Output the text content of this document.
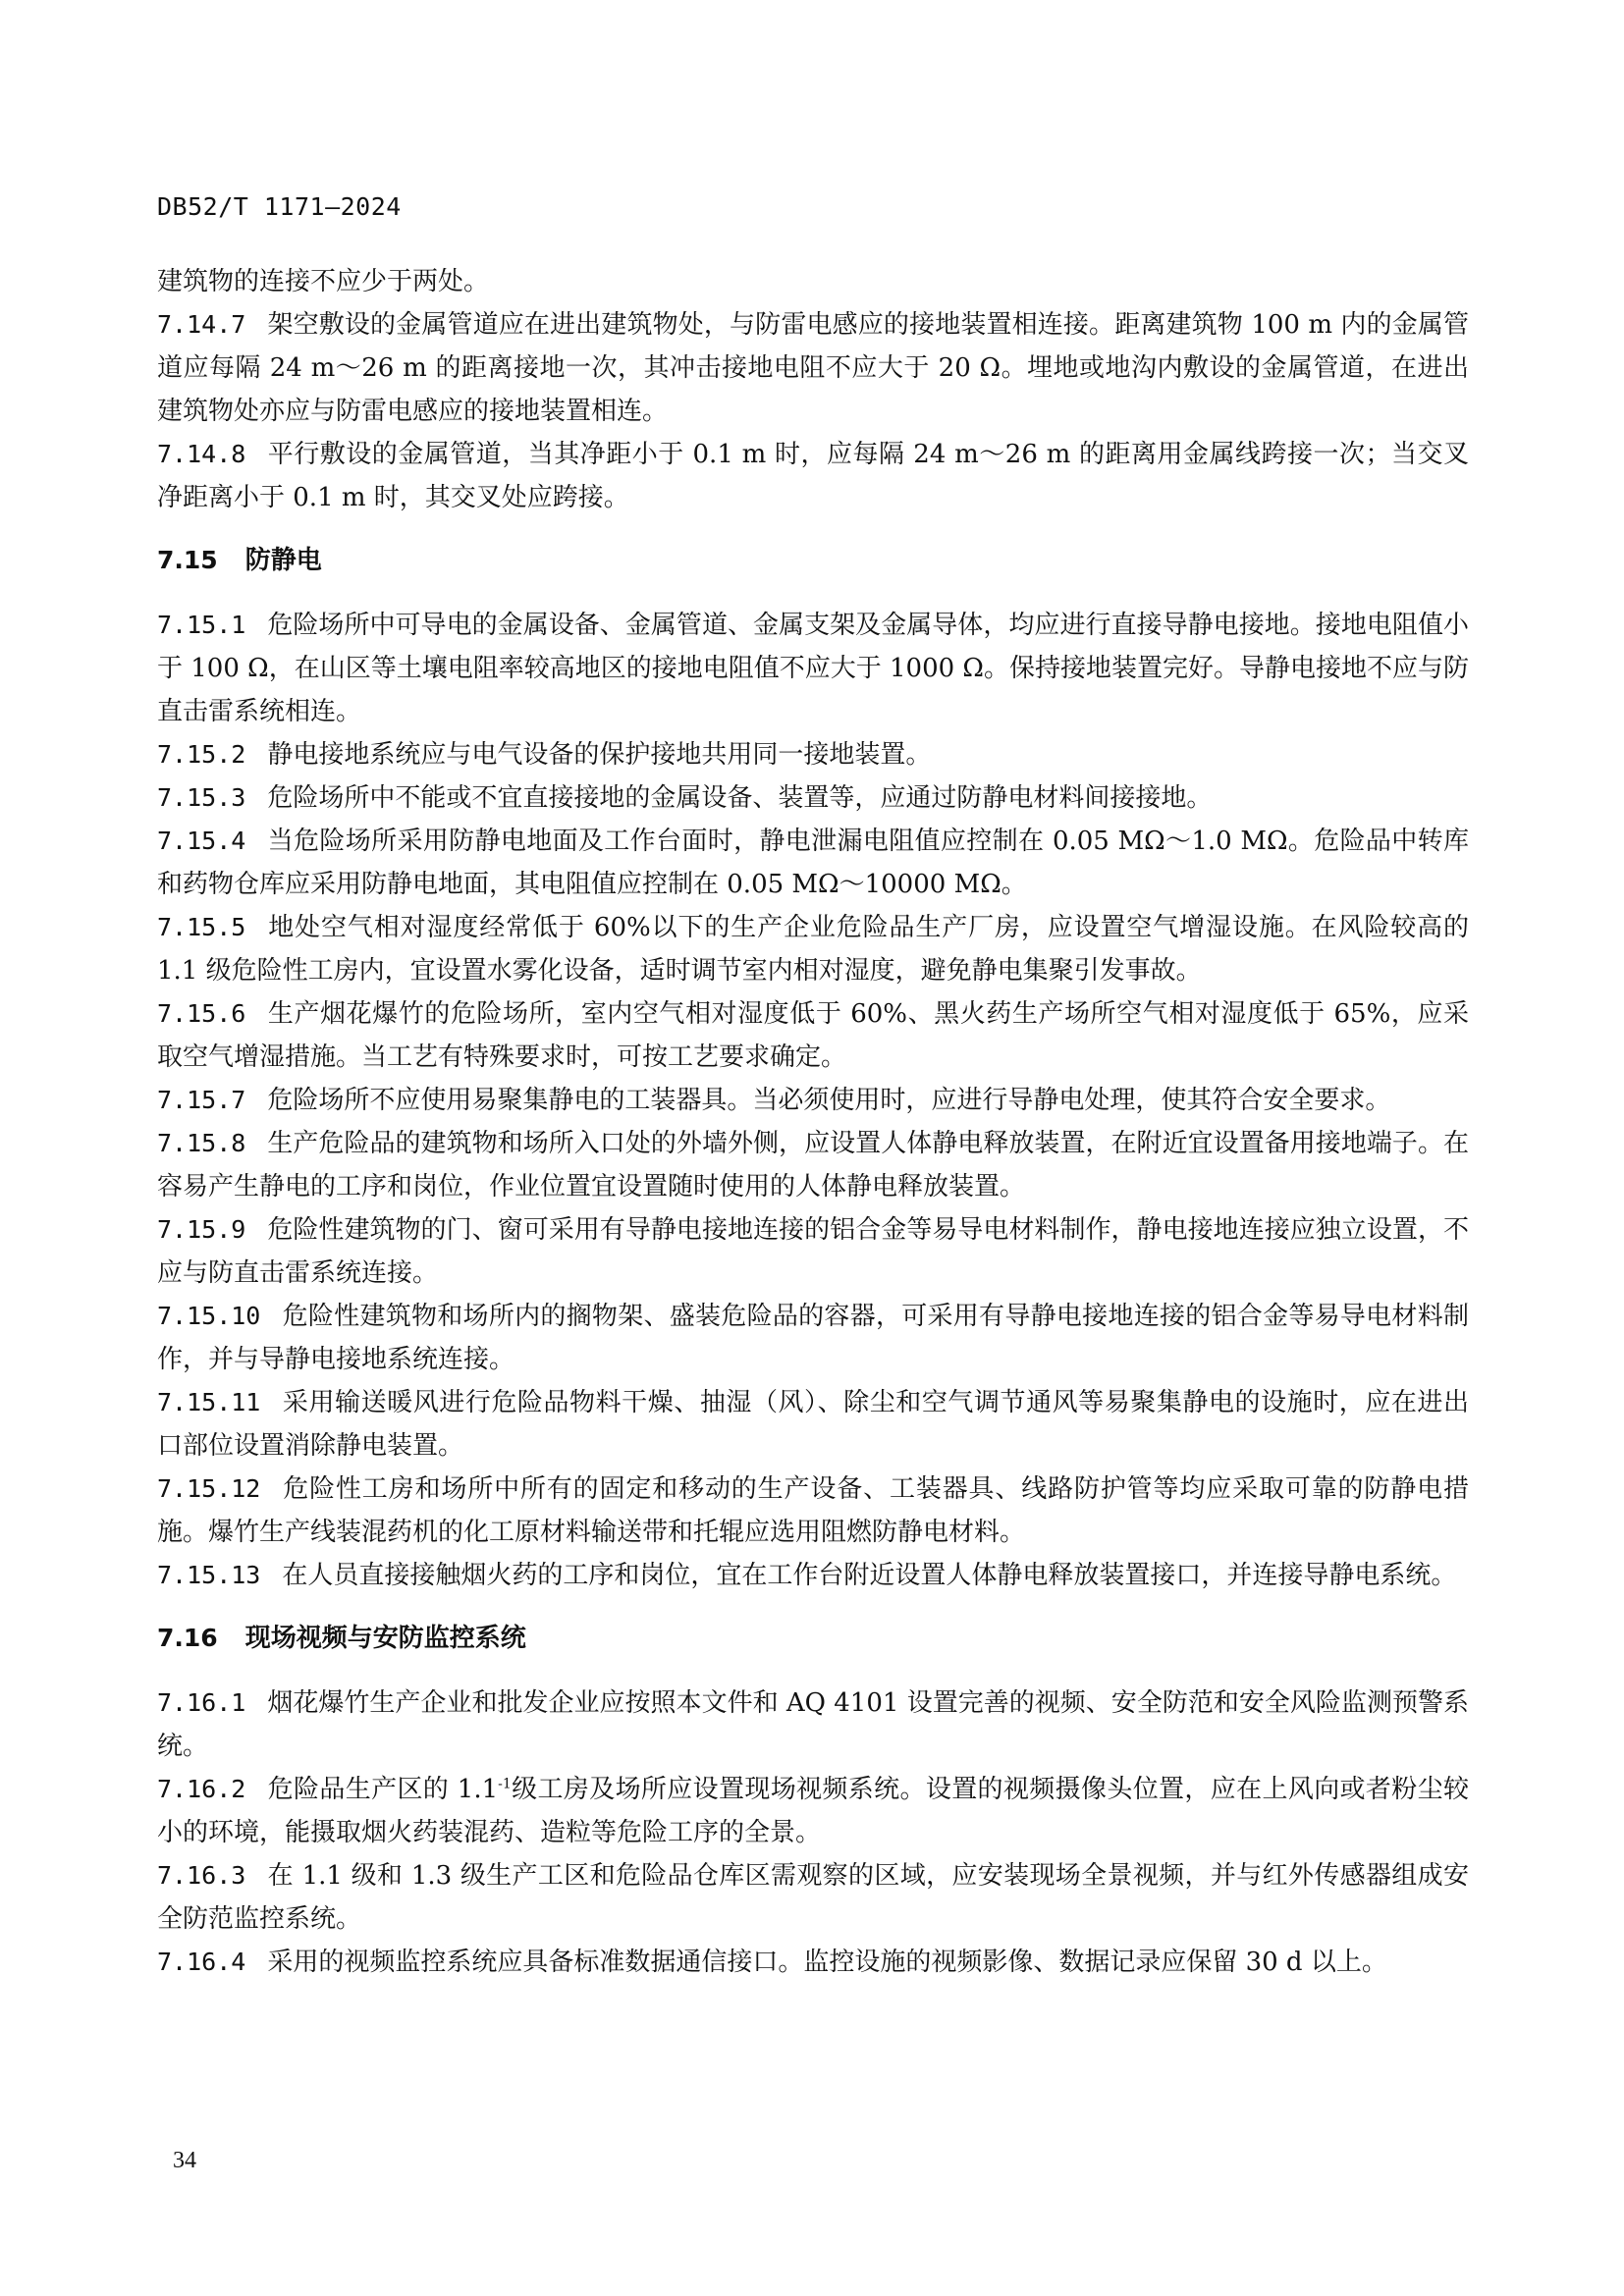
DB52/T 1171—2024

建筑物的连接不应少于两处。

7.14.7 架空敷设的金属管道应在进出建筑物处，与防雷电感应的接地装置相连接。距离建筑物 100 m 内的金属管道应每隔 24 m～26 m 的距离接地一次，其冲击接地电阻不应大于 20 Ω。埋地或地沟内敷设的金属管道，在进出建筑物处亦应与防雷电感应的接地装置相连。

7.14.8 平行敷设的金属管道，当其净距小于 0.1 m 时，应每隔 24 m～26 m 的距离用金属线跨接一次；当交叉净距离小于 0.1 m 时，其交叉处应跨接。

7.15 防静电

7.15.1 危险场所中可导电的金属设备、金属管道、金属支架及金属导体，均应进行直接导静电接地。接地电阻值小于 100 Ω，在山区等土壤电阻率较高地区的接地电阻值不应大于 1000 Ω。保持接地装置完好。导静电接地不应与防直击雷系统相连。

7.15.2 静电接地系统应与电气设备的保护接地共用同一接地装置。

7.15.3 危险场所中不能或不宜直接接地的金属设备、装置等，应通过防静电材料间接接地。

7.15.4 当危险场所采用防静电地面及工作台面时，静电泄漏电阻值应控制在 0.05 MΩ～1.0 MΩ。危险品中转库和药物仓库应采用防静电地面，其电阻值应控制在 0.05 MΩ～10000 MΩ。

7.15.5 地处空气相对湿度经常低于 60%以下的生产企业危险品生产厂房，应设置空气增湿设施。在风险较高的 1.1 级危险性工房内，宜设置水雾化设备，适时调节室内相对湿度，避免静电集聚引发事故。

7.15.6 生产烟花爆竹的危险场所，室内空气相对湿度低于 60%、黑火药生产场所空气相对湿度低于 65%，应采取空气增湿措施。当工艺有特殊要求时，可按工艺要求确定。

7.15.7 危险场所不应使用易聚集静电的工装器具。当必须使用时，应进行导静电处理，使其符合安全要求。

7.15.8 生产危险品的建筑物和场所入口处的外墙外侧，应设置人体静电释放装置，在附近宜设置备用接地端子。在容易产生静电的工序和岗位，作业位置宜设置随时使用的人体静电释放装置。

7.15.9 危险性建筑物的门、窗可采用有导静电接地连接的铝合金等易导电材料制作，静电接地连接应独立设置，不应与防直击雷系统连接。

7.15.10 危险性建筑物和场所内的搁物架、盛装危险品的容器，可采用有导静电接地连接的铝合金等易导电材料制作，并与导静电接地系统连接。

7.15.11 采用输送暖风进行危险品物料干燥、抽湿（风）、除尘和空气调节通风等易聚集静电的设施时，应在进出口部位设置消除静电装置。

7.15.12 危险性工房和场所中所有的固定和移动的生产设备、工装器具、线路防护管等均应采取可靠的防静电措施。爆竹生产线装混药机的化工原材料输送带和托辊应选用阻燃防静电材料。

7.15.13 在人员直接接触烟火药的工序和岗位，宜在工作台附近设置人体静电释放装置接口，并连接导静电系统。

7.16 现场视频与安防监控系统

7.16.1 烟花爆竹生产企业和批发企业应按照本文件和 AQ 4101 设置完善的视频、安全防范和安全风险监测预警系统。

7.16.2 危险品生产区的 $1.1^{-1}$级工房及场所应设置现场视频系统。设置的视频摄像头位置，应在上风向或者粉尘较小的环境，能摄取烟火药装混药、造粒等危险工序的全景。

7.16.3 在 1.1 级和 1.3 级生产工区和危险品仓库区需观察的区域，应安装现场全景视频，并与红外传感器组成安全防范监控系统。

7.16.4 采用的视频监控系统应具备标准数据通信接口。监控设施的视频影像、数据记录应保留 30 d 以上。

34
